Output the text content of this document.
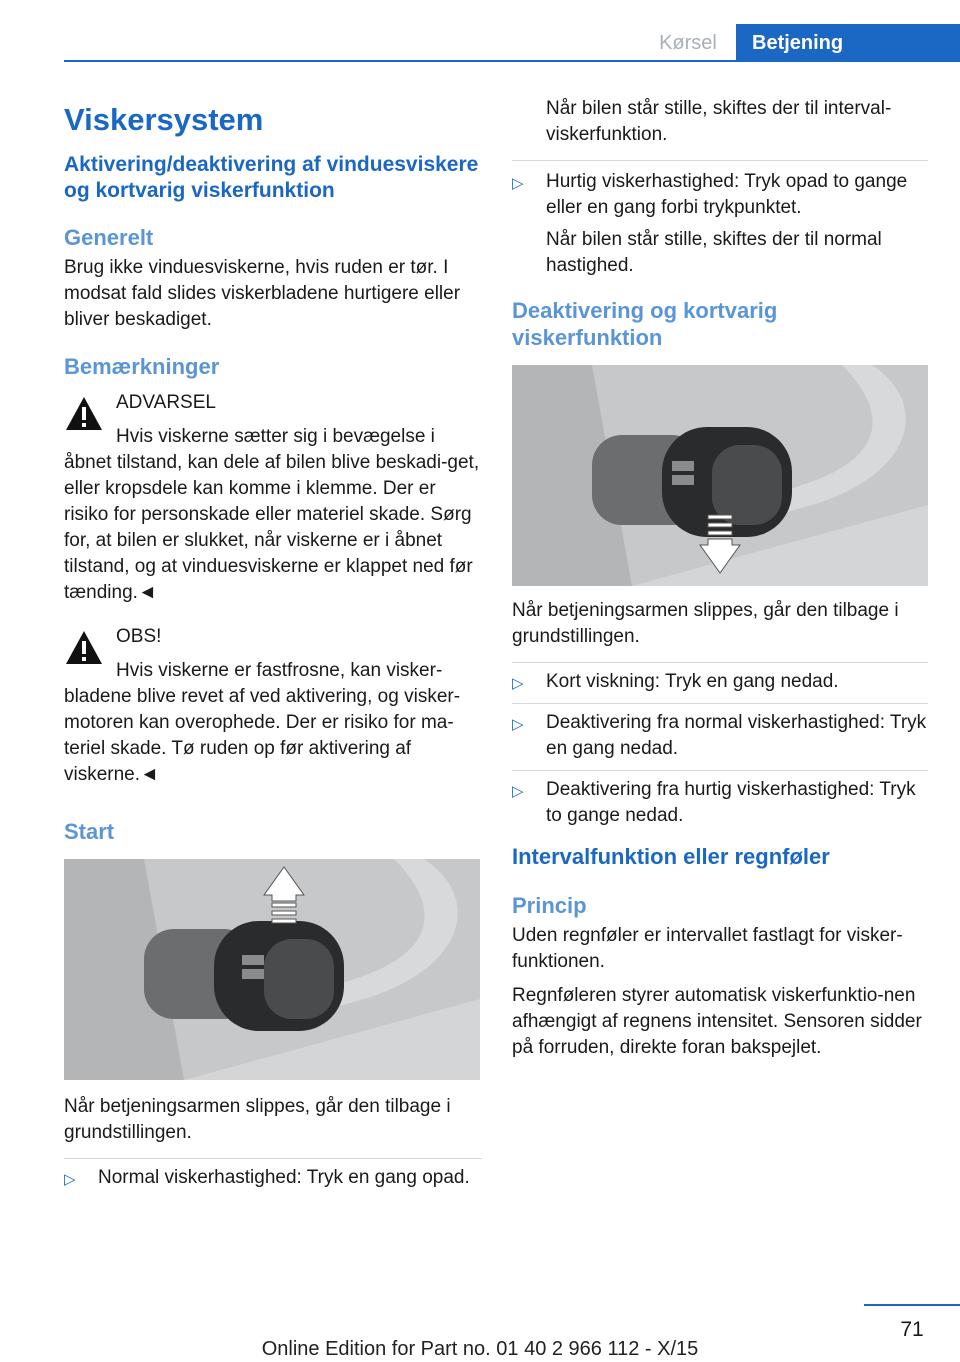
Kørsel	Betjening
Viskersystem
Aktivering/deaktivering af vinduesviskere og kortvarig viskerfunktion
Generelt

Brug ikke vinduesviskerne, hvis ruden er tør. I modsat fald slides viskerbladene hurtigere eller bliver beskadiget.

Bemærkninger

ADVARSEL

Hvis viskerne sætter sig i bevægelse i åbnet tilstand, kan dele af bilen blive beskadi‐get, eller kropsdele kan komme i klemme. Der er risiko for personskade eller materiel skade. Sørg for, at bilen er slukket, når viskerne er i åbnet tilstand, og at vinduesviskerne er klappet ned før tænding.◄

OBS!

Hvis viskerne er fastfrosne, kan visker‐bladene blive revet af ved aktivering, og visker‐motoren kan overophede. Der er risiko for ma‐teriel skade. Tø ruden op før aktivering af viskerne.◄

Start

Når betjeningsarmen slippes, går den tilbage i grundstillingen.

▷ Normal viskerhastighed: Tryk en gang opad.

Når bilen står stille, skiftes der til interval‐viskerfunktion.

▷ Hurtig viskerhastighed: Tryk opad to gange eller en gang forbi trykpunktet.

Når bilen står stille, skiftes der til normal hastighed.

Deaktivering og kortvarig viskerfunktion

Når betjeningsarmen slippes, går den tilbage i grundstillingen.

▷ Kort viskning: Tryk en gang nedad.
▷ Deaktivering fra normal viskerhastighed: Tryk en gang nedad.
▷ Deaktivering fra hurtig viskerhastighed: Tryk to gange nedad.
Intervalfunktion eller regnføler
Princip

Uden regnføler er intervallet fastlagt for visker‐funktionen.

Regnføleren styrer automatisk viskerfunktio‐nen afhængigt af regnens intensitet. Sensoren sidder på forruden, direkte foran bakspejlet.

71
Online Edition for Part no. 01 40 2 966 112 - X/15
